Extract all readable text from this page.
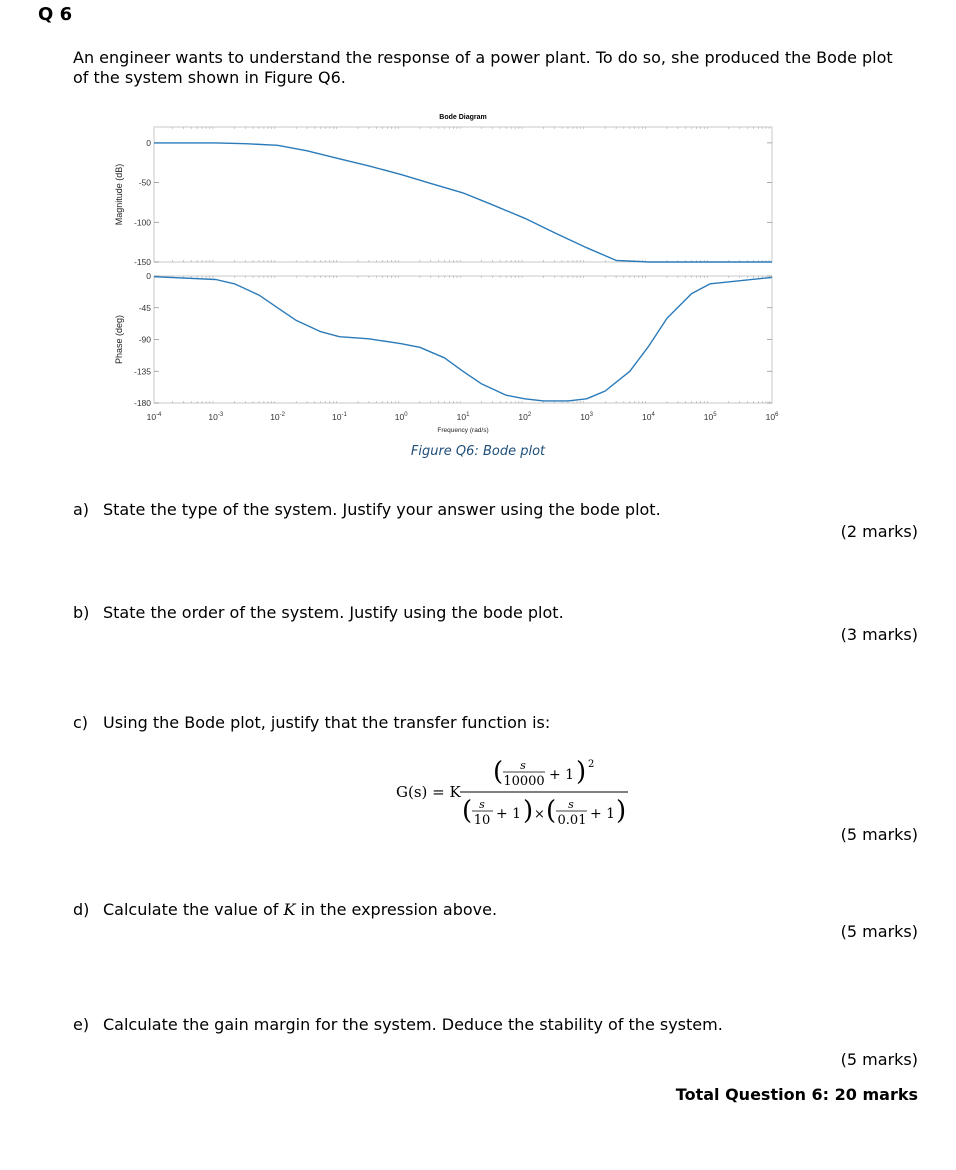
Q 6
An engineer wants to understand the response of a power plant. To do so, she produced the Bode plot of the system shown in Figure Q6.
Bode Diagram
0
-50
-100
-150
Magnitude (dB)
0
-45
-90
-135
-180
Phase (deg)
$10^{-4}$	$10^{-3}$	$10^{-2}$	$10^{-1}$	$10^0$	$10^1$	$10^2$	$10^3$	$10^4$	$10^5$	$10^6$
Frequency (rad/s)
Figure Q6: Bode plot
a) State the type of the system. Justify your answer using the bode plot.
(2 marks)
b) State the order of the system. Justify using the bode plot.
(3 marks)
c) Using the Bode plot, justify that the transfer function is:
G(s) = K
( s
10000 + 1 ) 2
( s
10 + 1 ) × ( s
0.01 + 1 )
(5 marks)
d) Calculate the value of K in the expression above.
(5 marks)
e) Calculate the gain margin for the system. Deduce the stability of the system.
(5 marks)
Total Question 6: 20 marks
